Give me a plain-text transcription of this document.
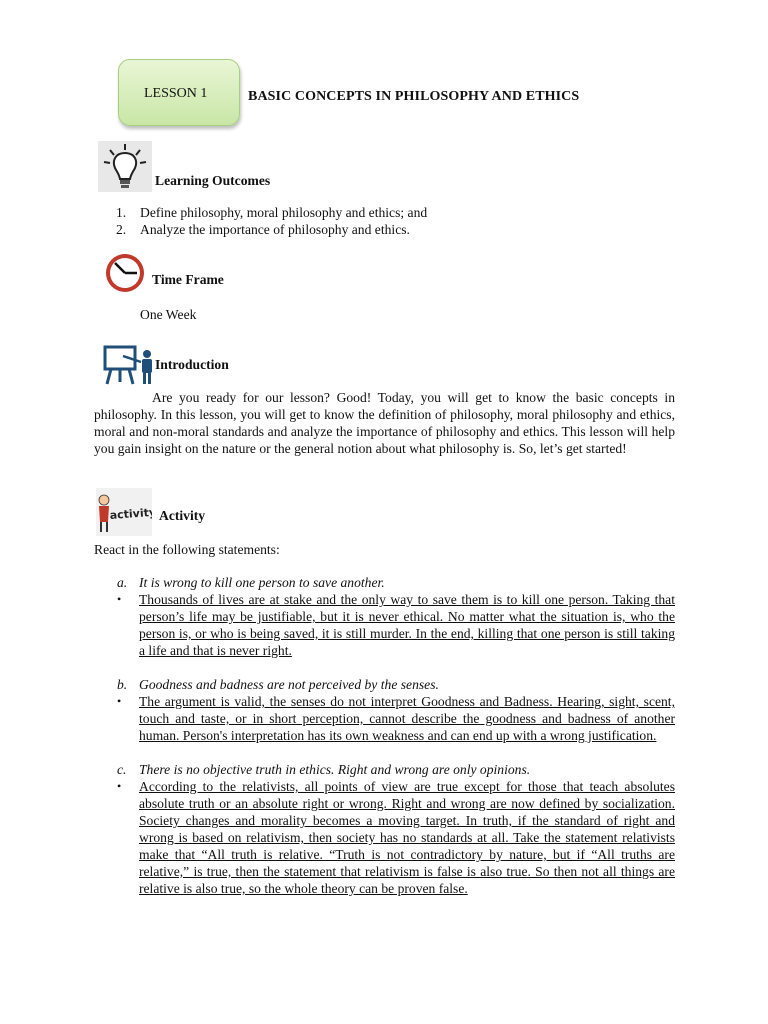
LESSON 1	BASIC CONCEPTS IN PHILOSOPHY AND ETHICS
Learning Outcomes
1.	Define philosophy, moral philosophy and ethics; and
2.	Analyze the importance of philosophy and ethics.
Time Frame
One Week
Introduction
Are you ready for our lesson? Good! Today, you will get to know the basic concepts in philosophy. In this lesson, you will get to know the definition of philosophy, moral philosophy and ethics, moral and non-moral standards and analyze the importance of philosophy and ethics. This lesson will help you gain insight on the nature or the general notion about what philosophy is. So, let’s get started!
activity Activity
React in the following statements:
a. It is wrong to kill one person to save another.
•	Thousands of lives are at stake and the only way to save them is to kill one person. Taking that person’s life may be justifiable, but it is never ethical. No matter what the situation is, who the person is, or who is being saved, it is still murder. In the end, killing that one person is still taking a life and that is never right.
b. Goodness and badness are not perceived by the senses.
•	The argument is valid, the senses do not interpret Goodness and Badness. Hearing, sight, scent, touch and taste, or in short perception, cannot describe the goodness and badness of another human. Person's interpretation has its own weakness and can end up with a wrong justification.
c. There is no objective truth in ethics. Right and wrong are only opinions.
•	According to the relativists, all points of view are true except for those that teach absolutes absolute truth or an absolute right or wrong. Right and wrong are now defined by socialization. Society changes and morality becomes a moving target. In truth, if the standard of right and wrong is based on relativism, then society has no standards at all. Take the statement relativists make that “All truth is relative. “Truth is not contradictory by nature, but if “All truths are relative,” is true, then the statement that relativism is false is also true. So then not all things are relative is also true, so the whole theory can be proven false.
